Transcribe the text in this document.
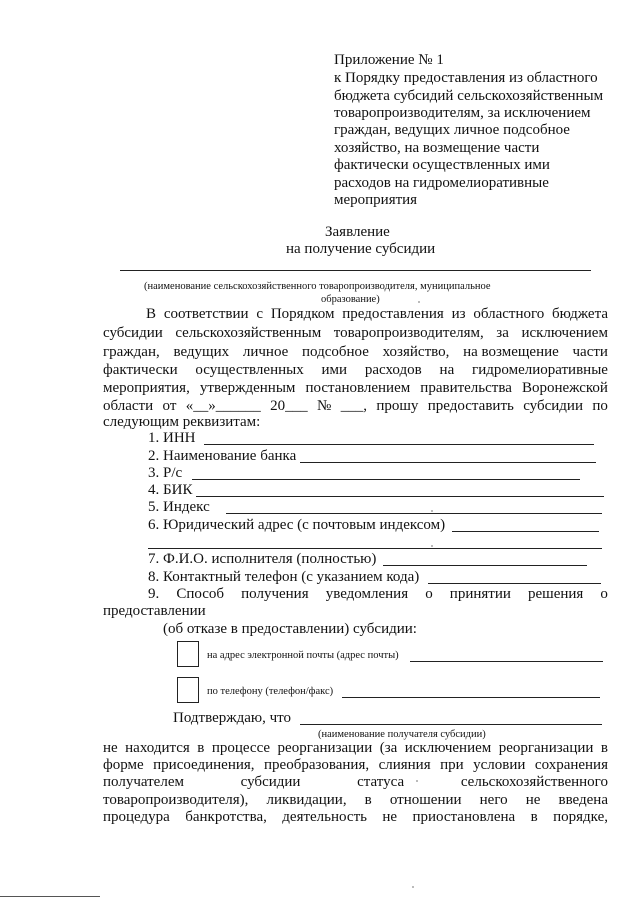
Приложение № 1
к Порядку предоставления из областного
бюджета субсидий сельскохозяйственным
товаропроизводителям, за исключением
граждан, ведущих личное подсобное
хозяйство, на возмещение части
фактически осуществленных ими
расходов на гидромелиоративные
мероприятия
Заявление
на получение субсидии
(наименование сельскохозяйственного товаропроизводителя, муниципальное
образование)
В соответствии с Порядком предоставления из областного бюджета
субсидии сельскохозяйственным товаропроизводителям, за исключением
граждан, ведущих личное подсобное хозяйство, на возмещение части
фактически осуществленных ими расходов на гидромелиоративные
мероприятия, утвержденным постановлением правительства Воронежской
области от «__»______ 20___ № ___, прошу предоставить субсидии по
следующим реквизитам:
1. ИНН
2. Наименование банка
3. Р/с
4. БИК
5. Индекс
6. Юридический адрес (с почтовым индексом)
7. Ф.И.О. исполнителя (полностью)
8. Контактный телефон (с указанием кода)
9. Способ получения уведомления о принятии решения о
предоставлении
(об отказе в предоставлении) субсидии:
на адрес электронной почты (адрес почты)
по телефону (телефон/факс)
Подтверждаю, что
(наименование получателя субсидии)
не находится в процессе реорганизации (за исключением реорганизации в
форме присоединения, преобразования, слияния при условии сохранения
получателем	субсидии	статуса	сельскохозяйственного
товаропроизводителя), ликвидации, в отношении него не введена
процедура банкротства, деятельность не приостановлена в порядке,
